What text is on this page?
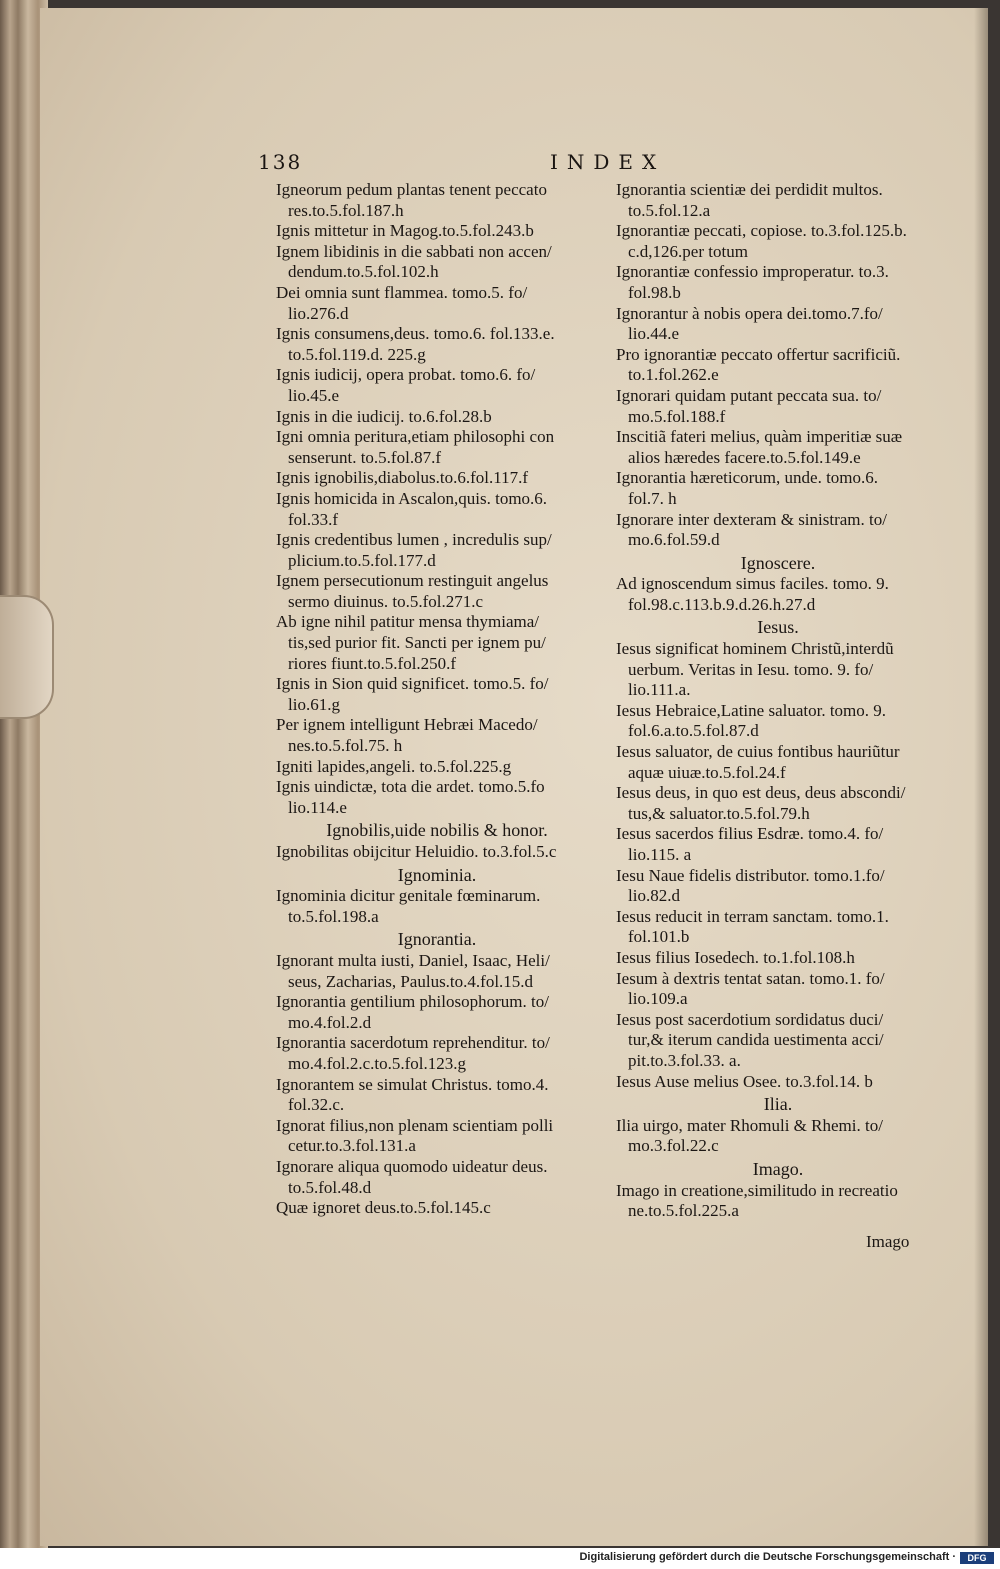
138	INDEX
Igneorum pedum plantas tenent peccato
res.to.5.fol.187.h
Ignis mittetur in Magog.to.5.fol.243.b
Ignem libidinis in die sabbati non accen/
dendum.to.5.fol.102.h
Dei omnia sunt flammea. tomo.5. fo/
lio.276.d
Ignis consumens,deus. tomo.6. fol.133.e.
to.5.fol.119.d. 225.g
Ignis iudicij, opera probat. tomo.6. fo/
lio.45.e
Ignis in die iudicij. to.6.fol.28.b
Igni omnia peritura,etiam philosophi con
senserunt. to.5.fol.87.f
Ignis ignobilis,diabolus.to.6.fol.117.f
Ignis homicida in Ascalon,quis. tomo.6.
fol.33.f
Ignis credentibus lumen , incredulis sup/
plicium.to.5.fol.177.d
Ignem persecutionum restinguit angelus
sermo diuinus. to.5.fol.271.c
Ab igne nihil patitur mensa thymiama/
tis,sed purior fit. Sancti per ignem pu/
riores fiunt.to.5.fol.250.f
Ignis in Sion quid significet. tomo.5. fo/
lio.61.g
Per ignem intelligunt Hebræi Macedo/
nes.to.5.fol.75. h
Igniti lapides,angeli. to.5.fol.225.g
Ignis uindictæ, tota die ardet. tomo.5.fo
lio.114.e
Ignobilis,uide nobilis & honor.
Ignobilitas obijcitur Heluidio. to.3.fol.5.c
Ignominia.
Ignominia dicitur genitale fœminarum.
to.5.fol.198.a
Ignorantia.
Ignorant multa iusti, Daniel, Isaac, Heli/
seus, Zacharias, Paulus.to.4.fol.15.d
Ignorantia gentilium philosophorum. to/
mo.4.fol.2.d
Ignorantia sacerdotum reprehenditur. to/
mo.4.fol.2.c.to.5.fol.123.g
Ignorantem se simulat Christus. tomo.4.
fol.32.c.
Ignorat filius,non plenam scientiam polli
cetur.to.3.fol.131.a
Ignorare aliqua quomodo uideatur deus.
to.5.fol.48.d
Quæ ignoret deus.to.5.fol.145.c
Ignorantia scientiæ dei perdidit multos.
to.5.fol.12.a
Ignorantiæ peccati, copiose. to.3.fol.125.b.
c.d,126.per totum
Ignorantiæ confessio improperatur. to.3.
fol.98.b
Ignorantur à nobis opera dei.tomo.7.fo/
lio.44.e
Pro ignorantiæ peccato offertur sacrificiũ.
to.1.fol.262.e
Ignorari quidam putant peccata sua. to/
mo.5.fol.188.f
Inscitiã fateri melius, quàm imperitiæ suæ
alios hæredes facere.to.5.fol.149.e
Ignorantia hæreticorum, unde. tomo.6.
fol.7. h
Ignorare inter dexteram & sinistram. to/
mo.6.fol.59.d
Ignoscere.
Ad ignoscendum simus faciles. tomo. 9.
fol.98.c.113.b.9.d.26.h.27.d
Iesus.
Iesus significat hominem Christũ,interdũ
uerbum. Veritas in Iesu. tomo. 9. fo/
lio.111.a.
Iesus Hebraice,Latine saluator. tomo. 9.
fol.6.a.to.5.fol.87.d
Iesus saluator, de cuius fontibus hauriũtur
aquæ uiuæ.to.5.fol.24.f
Iesus deus, in quo est deus, deus abscondi/
tus,& saluator.to.5.fol.79.h
Iesus sacerdos filius Esdræ. tomo.4. fo/
lio.115. a
Iesu Naue fidelis distributor. tomo.1.fo/
lio.82.d
Iesus reducit in terram sanctam. tomo.1.
fol.101.b
Iesus filius Iosedech. to.1.fol.108.h
Iesum à dextris tentat satan. tomo.1. fo/
lio.109.a
Iesus post sacerdotium sordidatus duci/
tur,& iterum candida uestimenta acci/
pit.to.3.fol.33. a.
Iesus Ause melius Osee. to.3.fol.14. b
Ilia.
Ilia uirgo, mater Rhomuli & Rhemi. to/
mo.3.fol.22.c
Imago.
Imago in creatione,similitudo in recreatio
ne.to.5.fol.225.a
Imago
Digitalisierung gefördert durch die Deutsche Forschungsgemeinschaft ·	DFG
